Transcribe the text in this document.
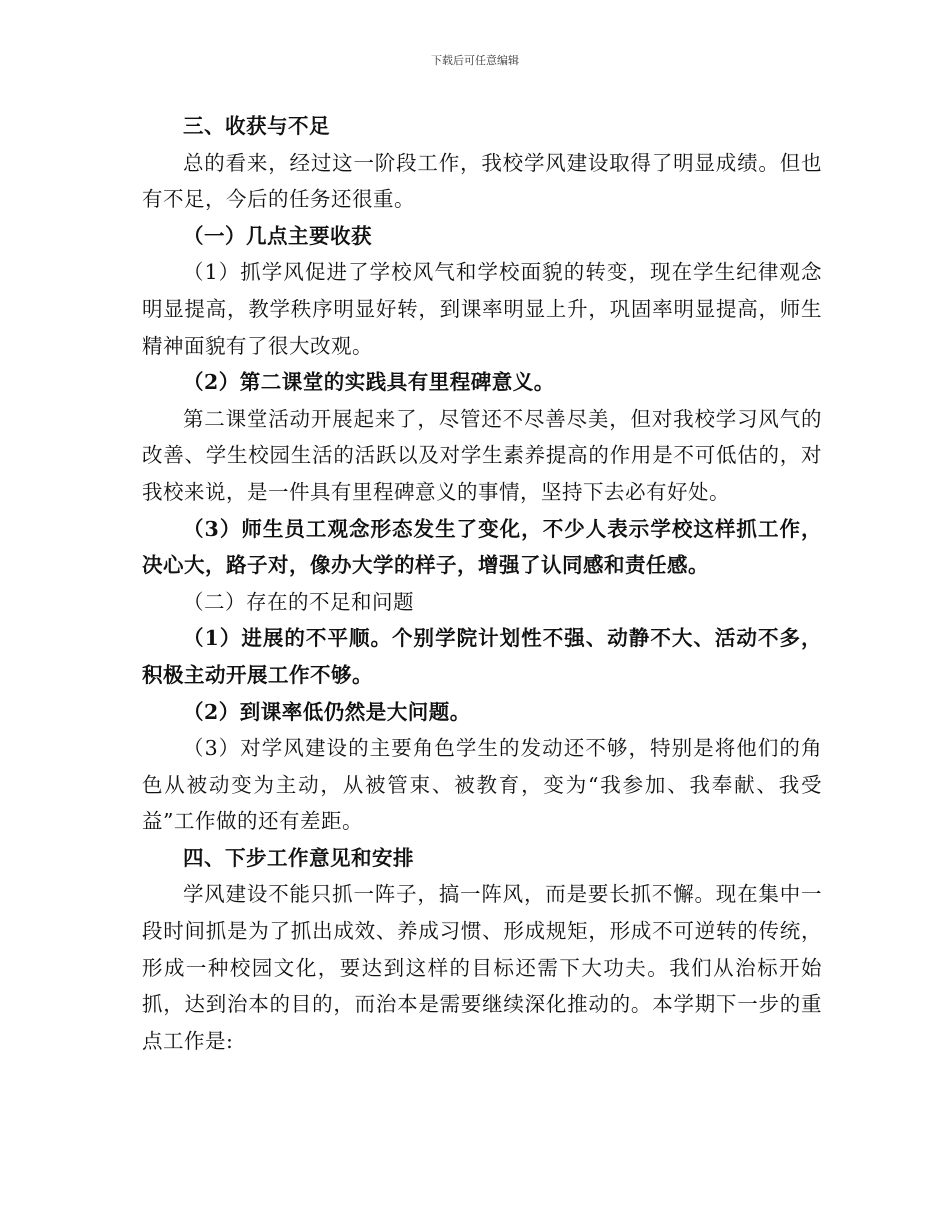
下载后可任意编辑

三、收获与不足

总的看来，经过这一阶段工作，我校学风建设取得了明显成绩。但也有不足，今后的任务还很重。

（一）几点主要收获

（1）抓学风促进了学校风气和学校面貌的转变，现在学生纪律观念明显提高，教学秩序明显好转，到课率明显上升，巩固率明显提高，师生精神面貌有了很大改观。

（2）第二课堂的实践具有里程碑意义。

第二课堂活动开展起来了，尽管还不尽善尽美，但对我校学习风气的改善、学生校园生活的活跃以及对学生素养提高的作用是不可低估的，对我校来说，是一件具有里程碑意义的事情，坚持下去必有好处。

（3）师生员工观念形态发生了变化，不少人表示学校这样抓工作，决心大，路子对，像办大学的样子，增强了认同感和责任感。

（二）存在的不足和问题

（1）进展的不平顺。个别学院计划性不强、动静不大、活动不多，积极主动开展工作不够。

（2）到课率低仍然是大问题。

（3）对学风建设的主要角色学生的发动还不够，特别是将他们的角色从被动变为主动，从被管束、被教育，变为“我参加、我奉献、我受益”工作做的还有差距。

四、下步工作意见和安排

学风建设不能只抓一阵子，搞一阵风，而是要长抓不懈。现在集中一段时间抓是为了抓出成效、养成习惯、形成规矩，形成不可逆转的传统，形成一种校园文化，要达到这样的目标还需下大功夫。我们从治标开始抓，达到治本的目的，而治本是需要继续深化推动的。本学期下一步的重点工作是:
